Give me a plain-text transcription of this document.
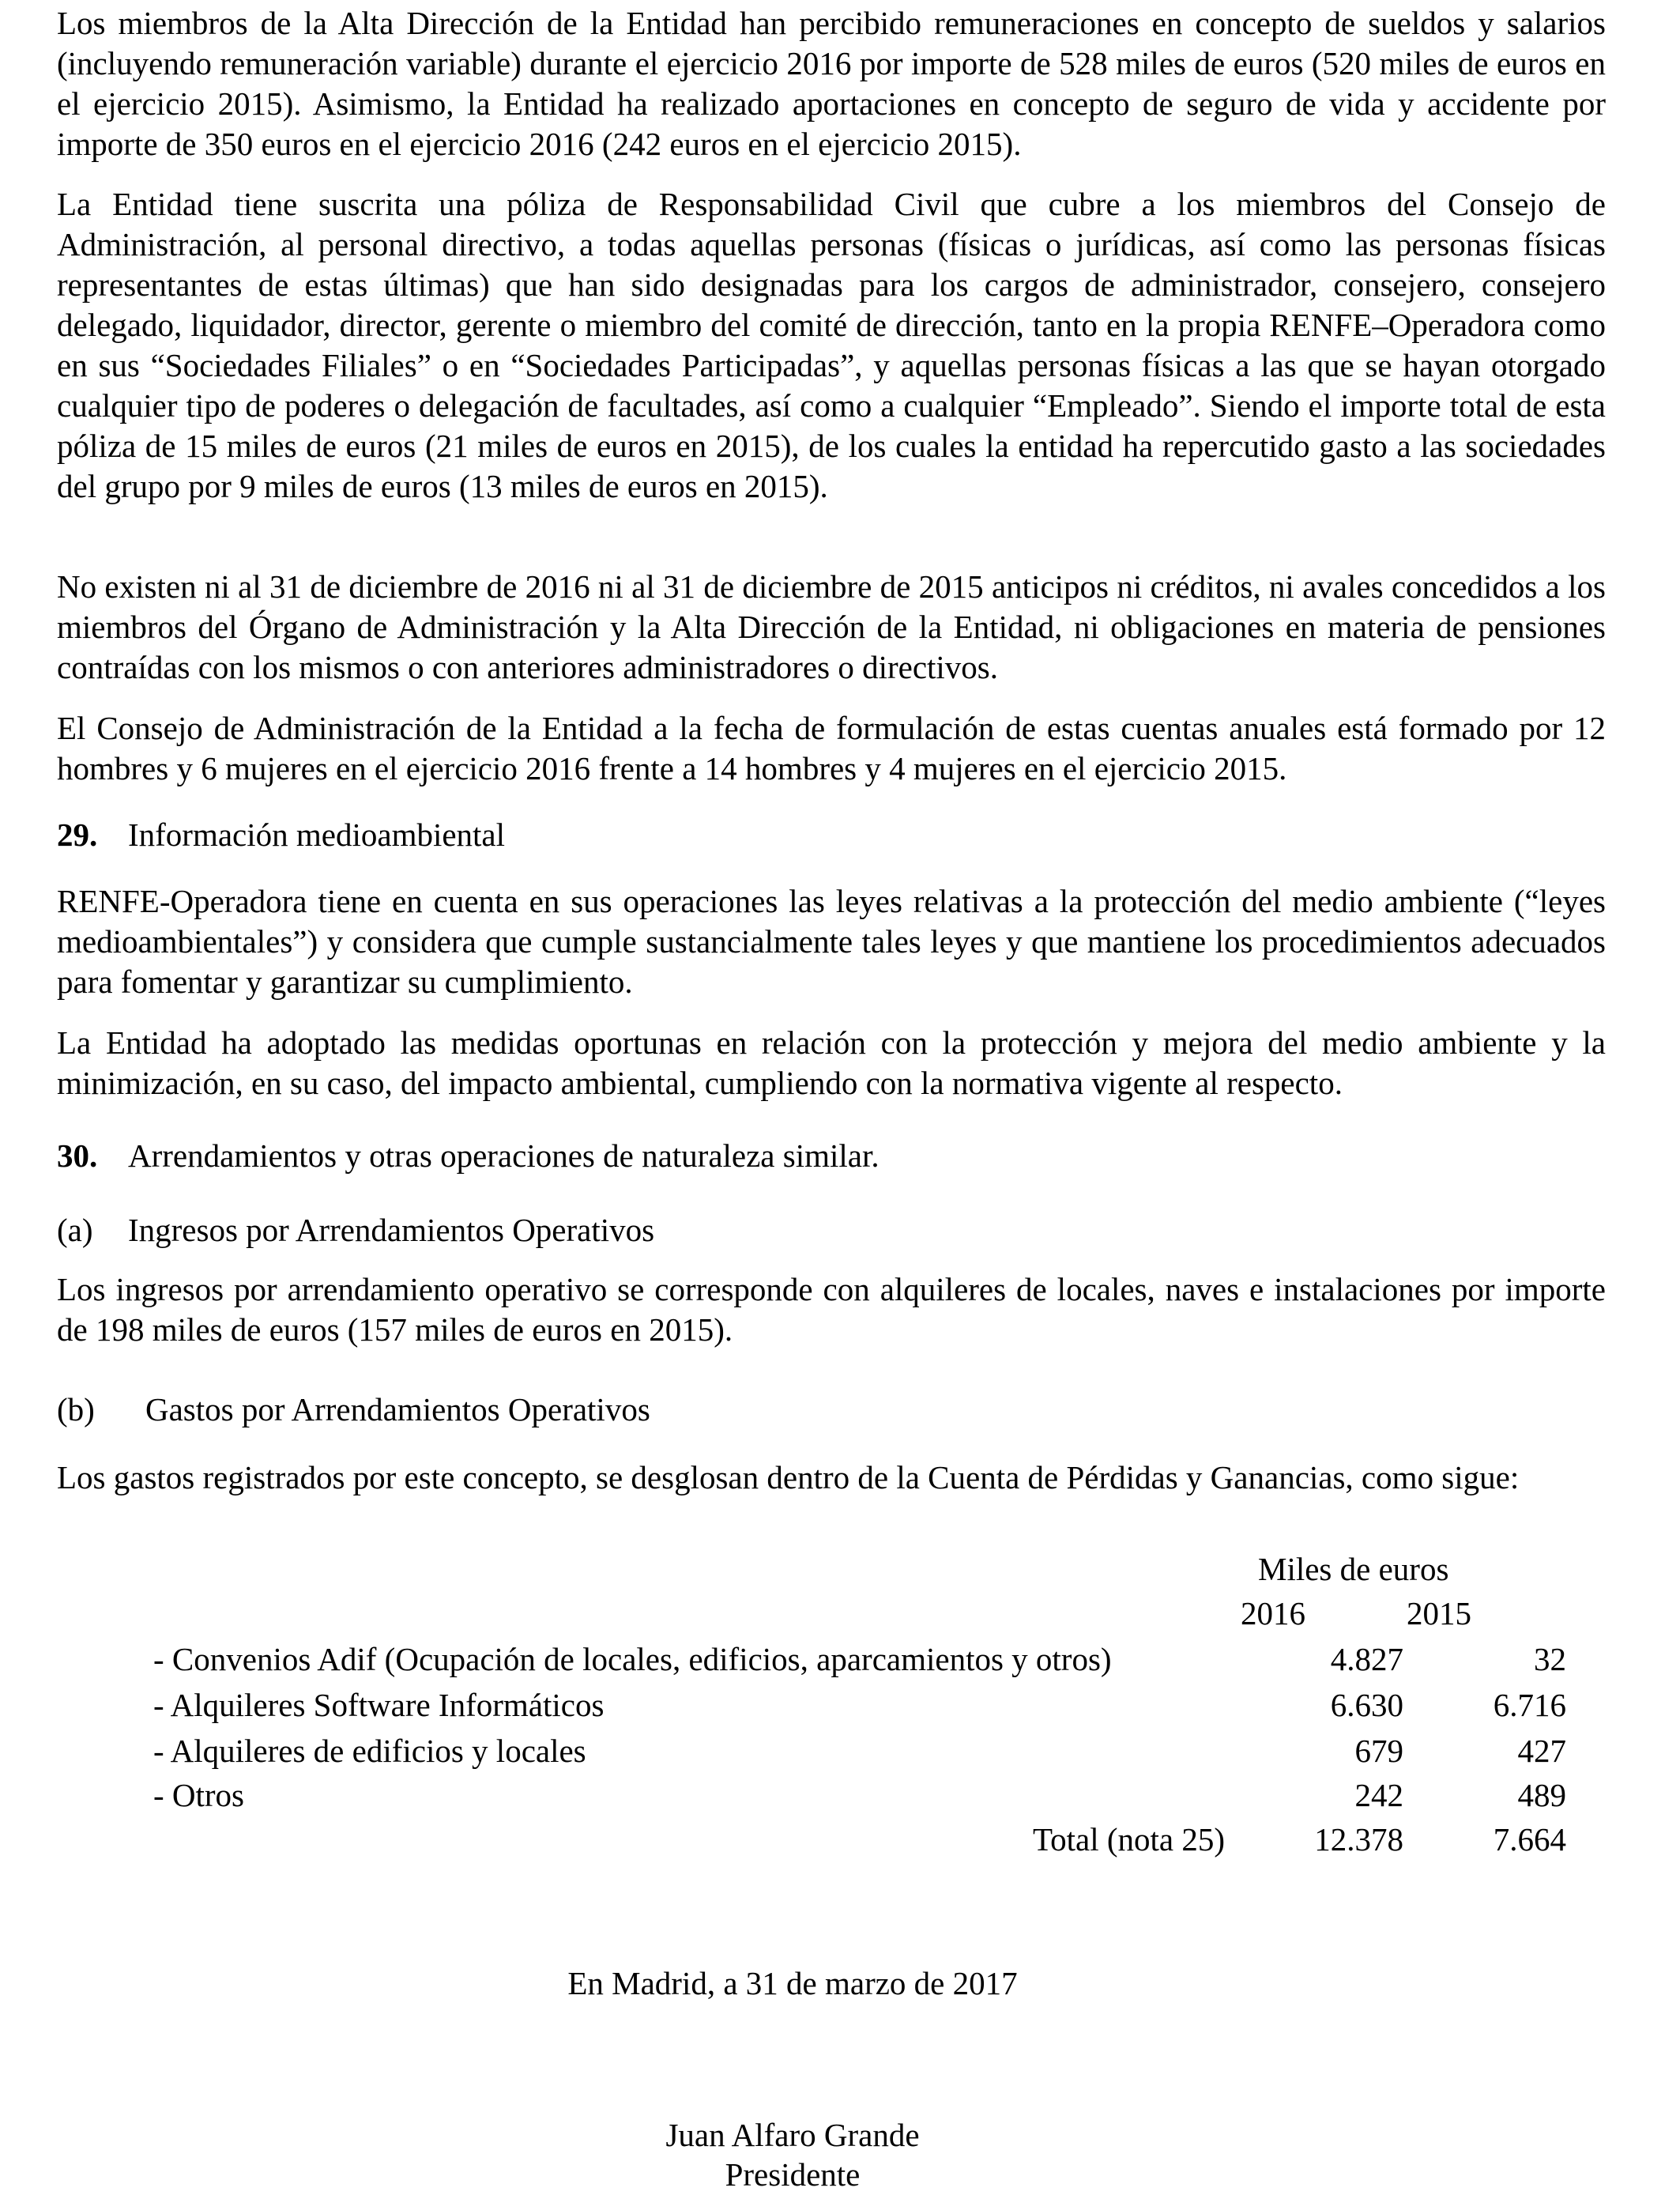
Los miembros de la Alta Dirección de la Entidad han percibido remuneraciones en concepto de sueldos y salarios (incluyendo remuneración variable) durante el ejercicio 2016 por importe de 528 miles de euros (520 miles de euros en el ejercicio 2015). Asimismo, la Entidad ha realizado aportaciones en concepto de seguro de vida y accidente por importe de 350 euros en el ejercicio 2016 (242 euros en el ejercicio 2015).

La Entidad tiene suscrita una póliza de Responsabilidad Civil que cubre a los miembros del Consejo de Administración, al personal directivo, a todas aquellas personas (físicas o jurídicas, así como las personas físicas representantes de estas últimas) que han sido designadas para los cargos de administrador, consejero, consejero delegado, liquidador, director, gerente o miembro del comité de dirección, tanto en la propia RENFE–Operadora como en sus “Sociedades Filiales” o en “Sociedades Participadas”, y aquellas personas físicas a las que se hayan otorgado cualquier tipo de poderes o delegación de facultades, así como a cualquier “Empleado”. Siendo el importe total de esta póliza de 15 miles de euros (21 miles de euros en 2015), de los cuales la entidad ha repercutido gasto a las sociedades del grupo por 9 miles de euros (13 miles de euros en 2015).

No existen ni al 31 de diciembre de 2016 ni al 31 de diciembre de 2015 anticipos ni créditos, ni avales concedidos a los miembros del Órgano de Administración y la Alta Dirección de la Entidad, ni obligaciones en materia de pensiones contraídas con los mismos o con anteriores administradores o directivos.

El Consejo de Administración de la Entidad a la fecha de formulación de estas cuentas anuales está formado por 12 hombres y 6 mujeres en el ejercicio 2016 frente a 14 hombres y 4 mujeres en el ejercicio 2015.

29. Información medioambiental

RENFE-Operadora tiene en cuenta en sus operaciones las leyes relativas a la protección del medio ambiente (“leyes medioambientales”) y considera que cumple sustancialmente tales leyes y que mantiene los procedimientos adecuados para fomentar y garantizar su cumplimiento.

La Entidad ha adoptado las medidas oportunas en relación con la protección y mejora del medio ambiente y la minimización, en su caso, del impacto ambiental, cumpliendo con la normativa vigente al respecto.

30. Arrendamientos y otras operaciones de naturaleza similar.
(a) Ingresos por Arrendamientos Operativos

Los ingresos por arrendamiento operativo se corresponde con alquileres de locales, naves e instalaciones por importe de 198 miles de euros (157 miles de euros en 2015).

(b) Gastos por Arrendamientos Operativos

Los gastos registrados por este concepto, se desglosan dentro de la Cuenta de Pérdidas y Ganancias, como sigue:

Miles de euros
2016	2015
- Convenios Adif (Ocupación de locales, edificios, aparcamientos y otros)	4.827	32
- Alquileres Software Informáticos	6.630	6.716
- Alquileres de edificios y locales	679	427
- Otros	242	489
Total (nota 25)	12.378	7.664
En Madrid, a 31 de marzo de 2017
Juan Alfaro Grande
Presidente
